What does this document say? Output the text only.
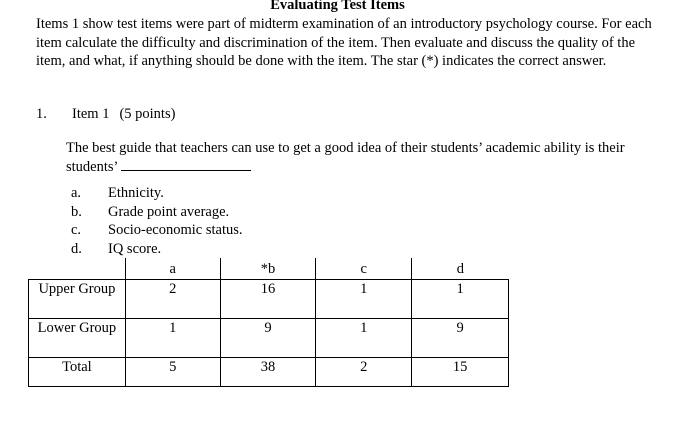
Evaluating Test Items
Items 1 show test items were part of midterm examination of an introductory psychology course. For each item calculate the difficulty and discrimination of the item. Then evaluate and discuss the quality of the item, and what, if anything should be done with the item. The star (*) indicates the correct answer.
1. Item 1 (5 points)
The best guide that teachers can use to get a good idea of their students’ academic ability is their students’
a.	Ethnicity.
b.	Grade point average.
c.	Socio-economic status.
d.	IQ score.
	a	*b	c	d
Upper Group	2	16	1	1
Lower Group	1	9	1	9
Total	5	38	2	15
